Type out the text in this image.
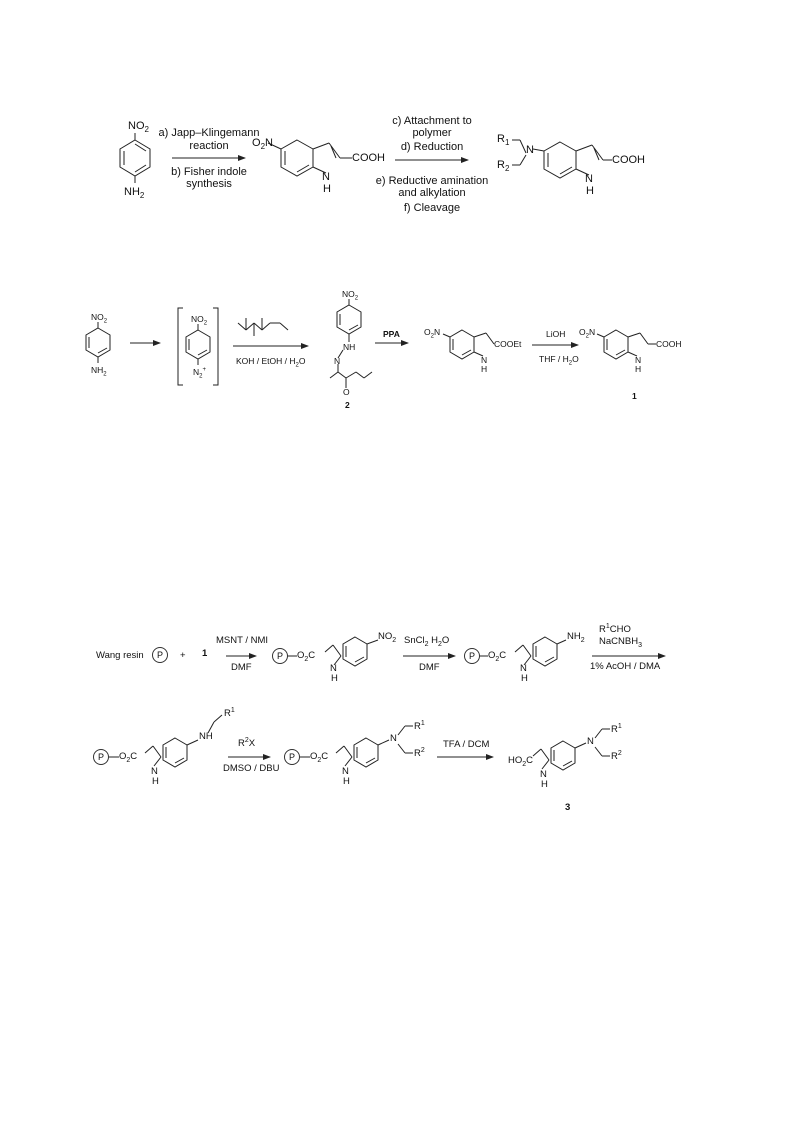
$NO_2$
$NH_2$
a) Japp–Klingemann
reaction
b) Fisher indole
synthesis
$O_2N$
COOH
N
H
c) Attachment to
polymer
d) Reduction
e) Reductive amination
and alkylation
f) Cleavage
$R_1$
$R_2$
N
COOH
N
H
$NO_2$
$NH_2$
$NO_2$
$N_2^+$
KOH / EtOH / $H_2O$
$NO_2$
NH
N
O
2
PPA	$O_2N$
COOEt
N
H
LiOH
THF / $H_2O$
$O_2N$
COOH
N
H
1
Wang resin	P	+ 1
MSNT / NMI
DMF
P	$O_2C$
$NO_2$
N
H
SnCl$_2$ $H_2O$
DMF
P	$O_2C$
$NH_2$
N
H
$R^1CHO$
NaCNBH$_3$
1% AcOH / DMA
P	$O_2C$
$R^1$
NH
N
H
$R^2X$
DMSO / DBU
P	$O_2C$
N
$R^1$
$R^2$
N
H
TFA / DCM
$HO_2C$
N
$R^1$
$R^2$
N
H
3
